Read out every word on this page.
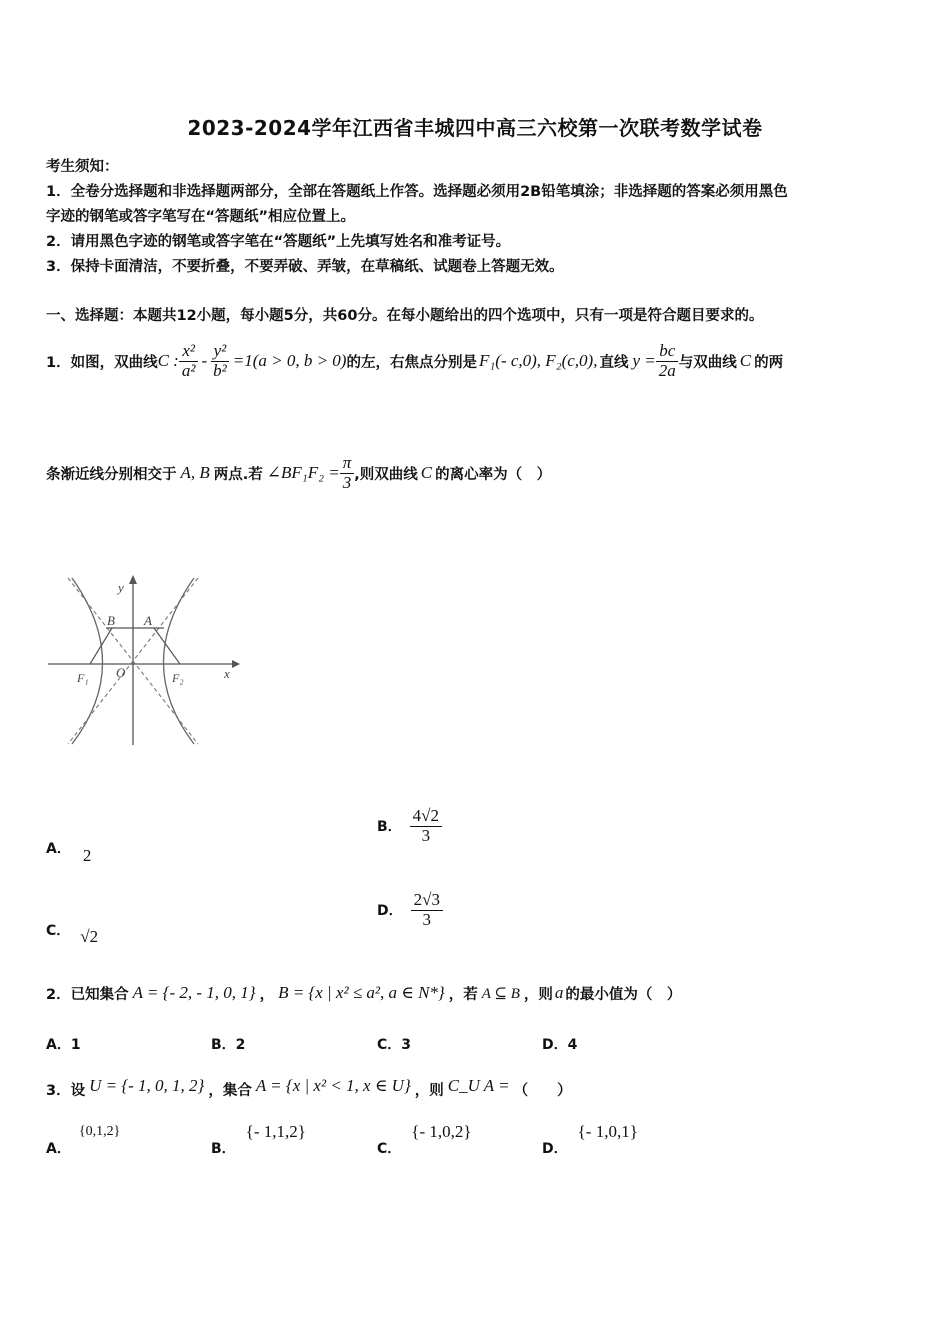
2023-2024学年江西省丰城四中高三六校第一次联考数学试卷
考生须知：
1．全卷分选择题和非选择题两部分，全部在答题纸上作答。选择题必须用2B铅笔填涂；非选择题的答案必须用黑色
字迹的钢笔或答字笔写在“答题纸”相应位置上。
2．请用黑色字迹的钢笔或答字笔在“答题纸”上先填写姓名和准考证号。
3．保持卡面清洁，不要折叠，不要弄破、弄皱，在草稿纸、试题卷上答题无效。
一、选择题：本题共12小题，每小题5分，共60分。在每小题给出的四个选项中，只有一项是符合题目要求的。
1．如图，双曲线 C : $\frac{\text{x²}}{\text{a²}} - \frac{\text{y²}}{\text{b²}} =1(a > 0$, b > 0) 的左，右焦点分别是 F₁(- c,0), F₂(c,0), 直线 $y = \frac{bc}{2a}$ 与双曲线 C 的两
条渐近线分别相交于 A, B 两点.若 ∠BF₁F₂ = $\frac{\pi}{3}$ ,则双曲线 C 的离心率为（　）
y
x
B A
O
F₁	F₂
A． 2
B． $\frac{4√2}{3}$
C． √2
D． $\frac{2√3}{3}$
2．已知集合 A = {- 2, - 1, 0, 1} ， B = {x | x² ≤ a², a ∈ N*} ，若 A ⊆ B ，则 a 的最小值为（　）
A．1	B．2	C．3	D．4
3．设 U = {- 1, 0, 1, 2} ，集合 A = {x | x² < 1, x ∈ U} ，则 C_U A = （　　）
A．
{0,1,2}
B．
{- 1,1,2}
C．
{- 1,0,2}
D．
{- 1,0,1}
